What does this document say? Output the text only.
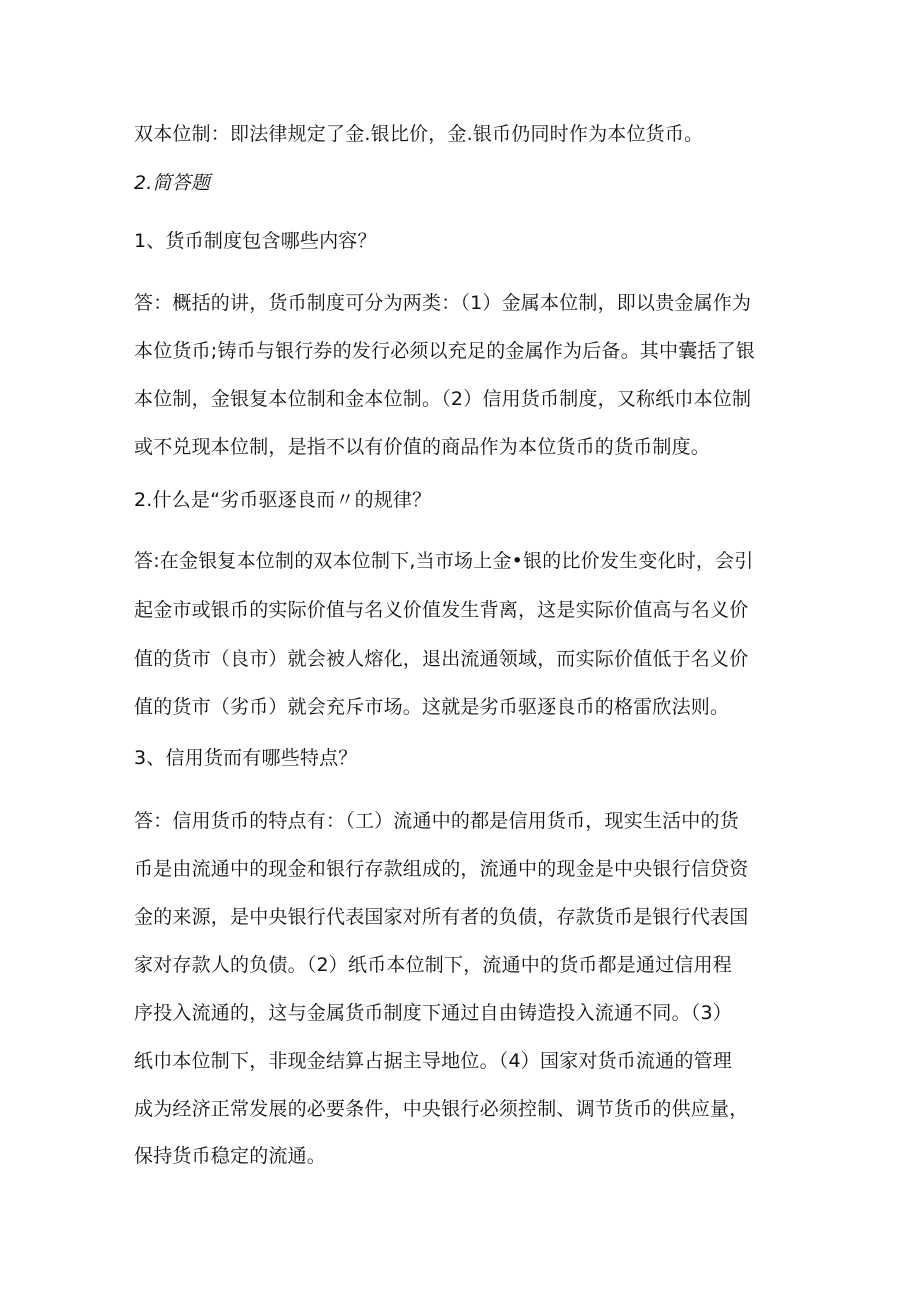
双本位制：即法律规定了金.银比价，金.银币仍同时作为本位货币。
2.简答题
1、货币制度包含哪些内容？
答：概括的讲，货币制度可分为两类：（1）金属本位制，即以贵金属作为
本位货币;铸币与银行券的发行必须以充足的金属作为后备。其中囊括了银
本位制，金银复本位制和金本位制。（2）信用货币制度，又称纸巾本位制
或不兑现本位制，是指不以有价值的商品作为本位货币的货币制度。
2.什么是“劣币驱逐良而〃的规律？
答:在金银复本位制的双本位制下,当市场上金•银的比价发生变化时，会引
起金市或银币的实际价值与名义价值发生背离，这是实际价值高与名义价
值的货市（良市）就会被人熔化，退出流通领域，而实际价值低于名义价
值的货市（劣币）就会充斥市场。这就是劣币驱逐良币的格雷欣法则。
3、信用货而有哪些特点？
答：信用货币的特点有：（工）流通中的都是信用货币，现实生活中的货
币是由流通中的现金和银行存款组成的，流通中的现金是中央银行信贷资
金的来源，是中央银行代表国家对所有者的负债，存款货币是银行代表国
家对存款人的负债。（2）纸币本位制下，流通中的货币都是通过信用程
序投入流通的，这与金属货币制度下通过自由铸造投入流通不同。（3）
纸巾本位制下，非现金结算占据主导地位。（4）国家对货币流通的管理
成为经济正常发展的必要条件，中央银行必须控制、调节货币的供应量，
保持货币稳定的流通。
